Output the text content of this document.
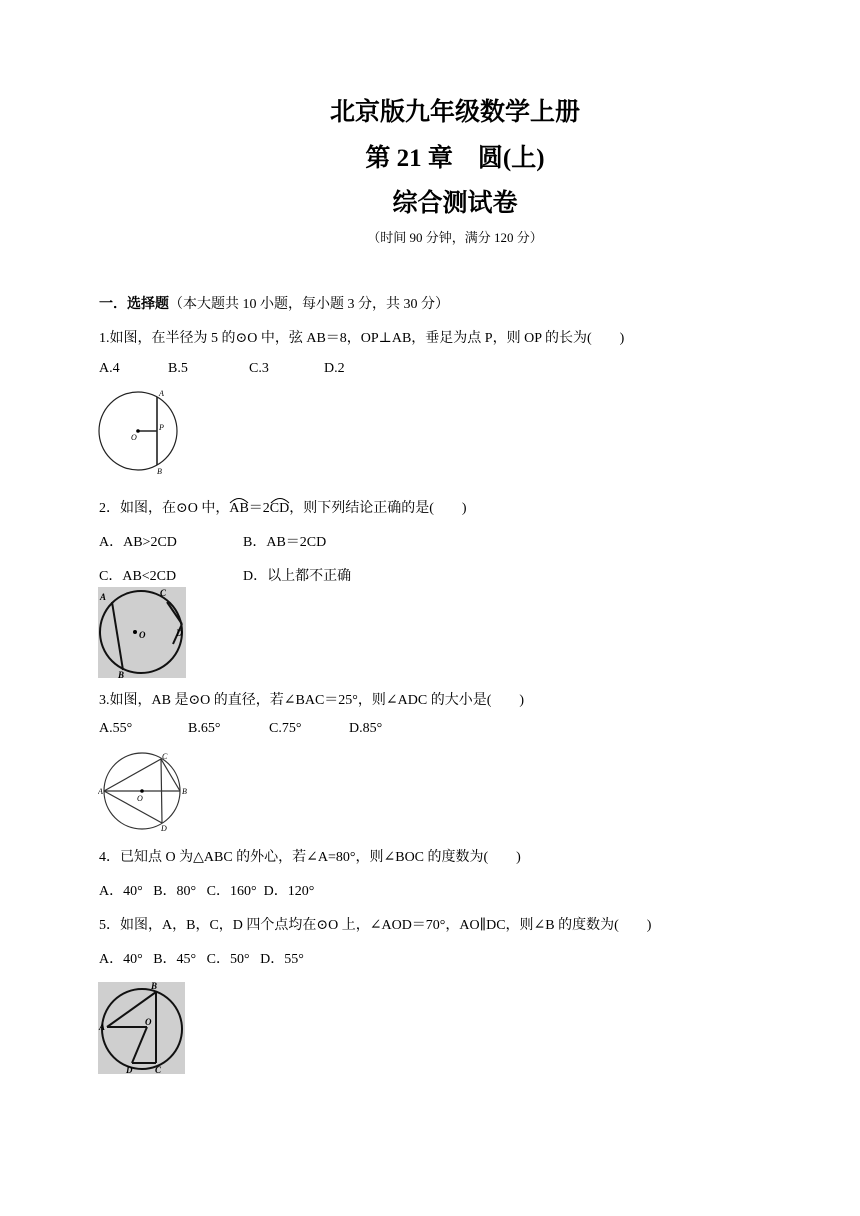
北京版九年级数学上册
第 21 章　圆(上)
综合测试卷
（时间 90 分钟，满分 120 分）
一．选择题（本大题共 10 小题，每小题 3 分，共 30 分）
1.如图，在半径为 5 的⊙O 中，弦 AB＝8，OP⊥AB，垂足为点 P，则 OP 的长为(　　)
A.4	B.5	C.3	D.2
A
P
O
B
2．如图，在⊙O 中，
AB＝2
CD，则下列结论正确的是(　　)
A．AB>2CD	B．AB＝2CD
C．AB<2CD	D．以上都不正确
A	C
O	D
B
3.如图，AB 是⊙O 的直径，若∠BAC＝25°，则∠ADC 的大小是(　　)
A.55°	B.65°	C.75°	D.85°
C
A
O
B
D
4．已知点 O 为△ABC 的外心，若∠A=80°，则∠BOC 的度数为(　　)
A．40°   B．80°   C．160°  D．120°
5．如图，A，B，C，D 四个点均在⊙O 上，∠AOD＝70°，AO∥DC，则∠B 的度数为(　　)
A．40°   B．45°   C．50°   D．55°
B
A	O
D	C
